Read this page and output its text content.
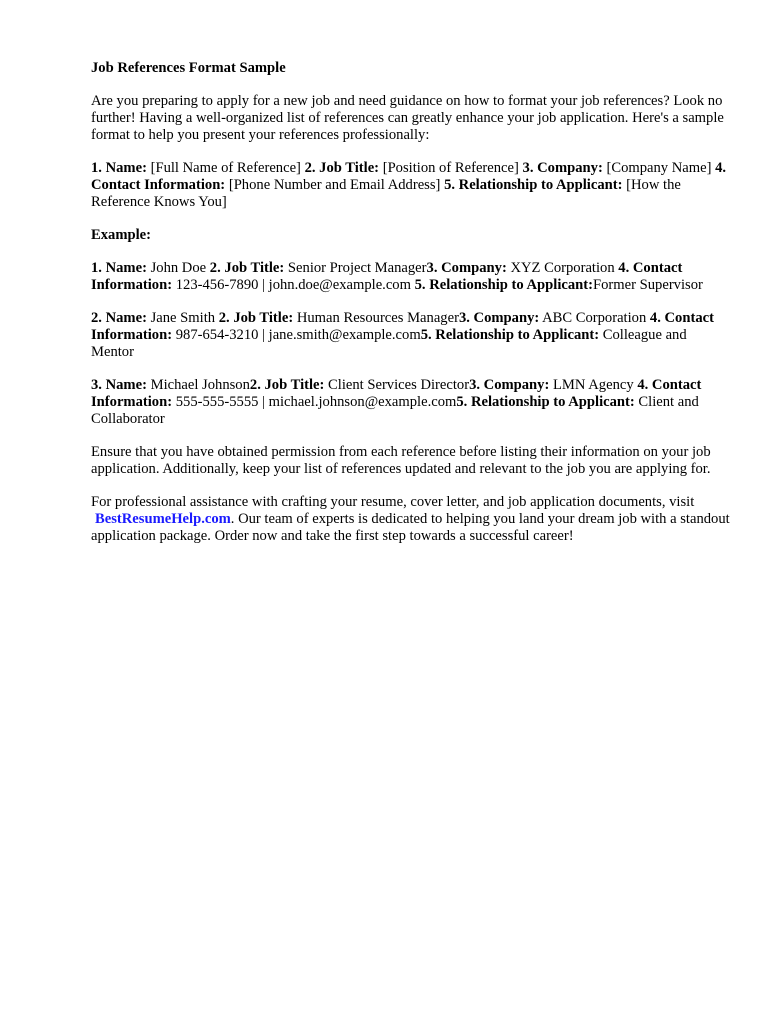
Job References Format Sample

Are you preparing to apply for a new job and need guidance on how to format your job references? Look no further! Having a well-organized list of references can greatly enhance your job application. Here's a sample format to help you present your references professionally:

1. Name: [Full Name of Reference] 2. Job Title: [Position of Reference] 3. Company: [Company Name] 4. Contact Information: [Phone Number and Email Address] 5. Relationship to Applicant: [How the Reference Knows You]

Example:

1. Name: John Doe 2. Job Title: Senior Project Manager3. Company: XYZ Corporation 4. Contact Information: 123-456-7890 | john.doe@example.com 5. Relationship to Applicant:Former Supervisor

2. Name: Jane Smith 2. Job Title: Human Resources Manager3. Company: ABC Corporation 4. Contact Information: 987-654-3210 | jane.smith@example.com5. Relationship to Applicant: Colleague and Mentor

3. Name: Michael Johnson2. Job Title: Client Services Director3. Company: LMN Agency 4. Contact Information: 555-555-5555 | michael.johnson@example.com5. Relationship to Applicant: Client and Collaborator

Ensure that you have obtained permission from each reference before listing their information on your job application. Additionally, keep your list of references updated and relevant to the job you are applying for.

For professional assistance with crafting your resume, cover letter, and job application documents, visit BestResumeHelp.com. Our team of experts is dedicated to helping you land your dream job with a standout application package. Order now and take the first step towards a successful career!
